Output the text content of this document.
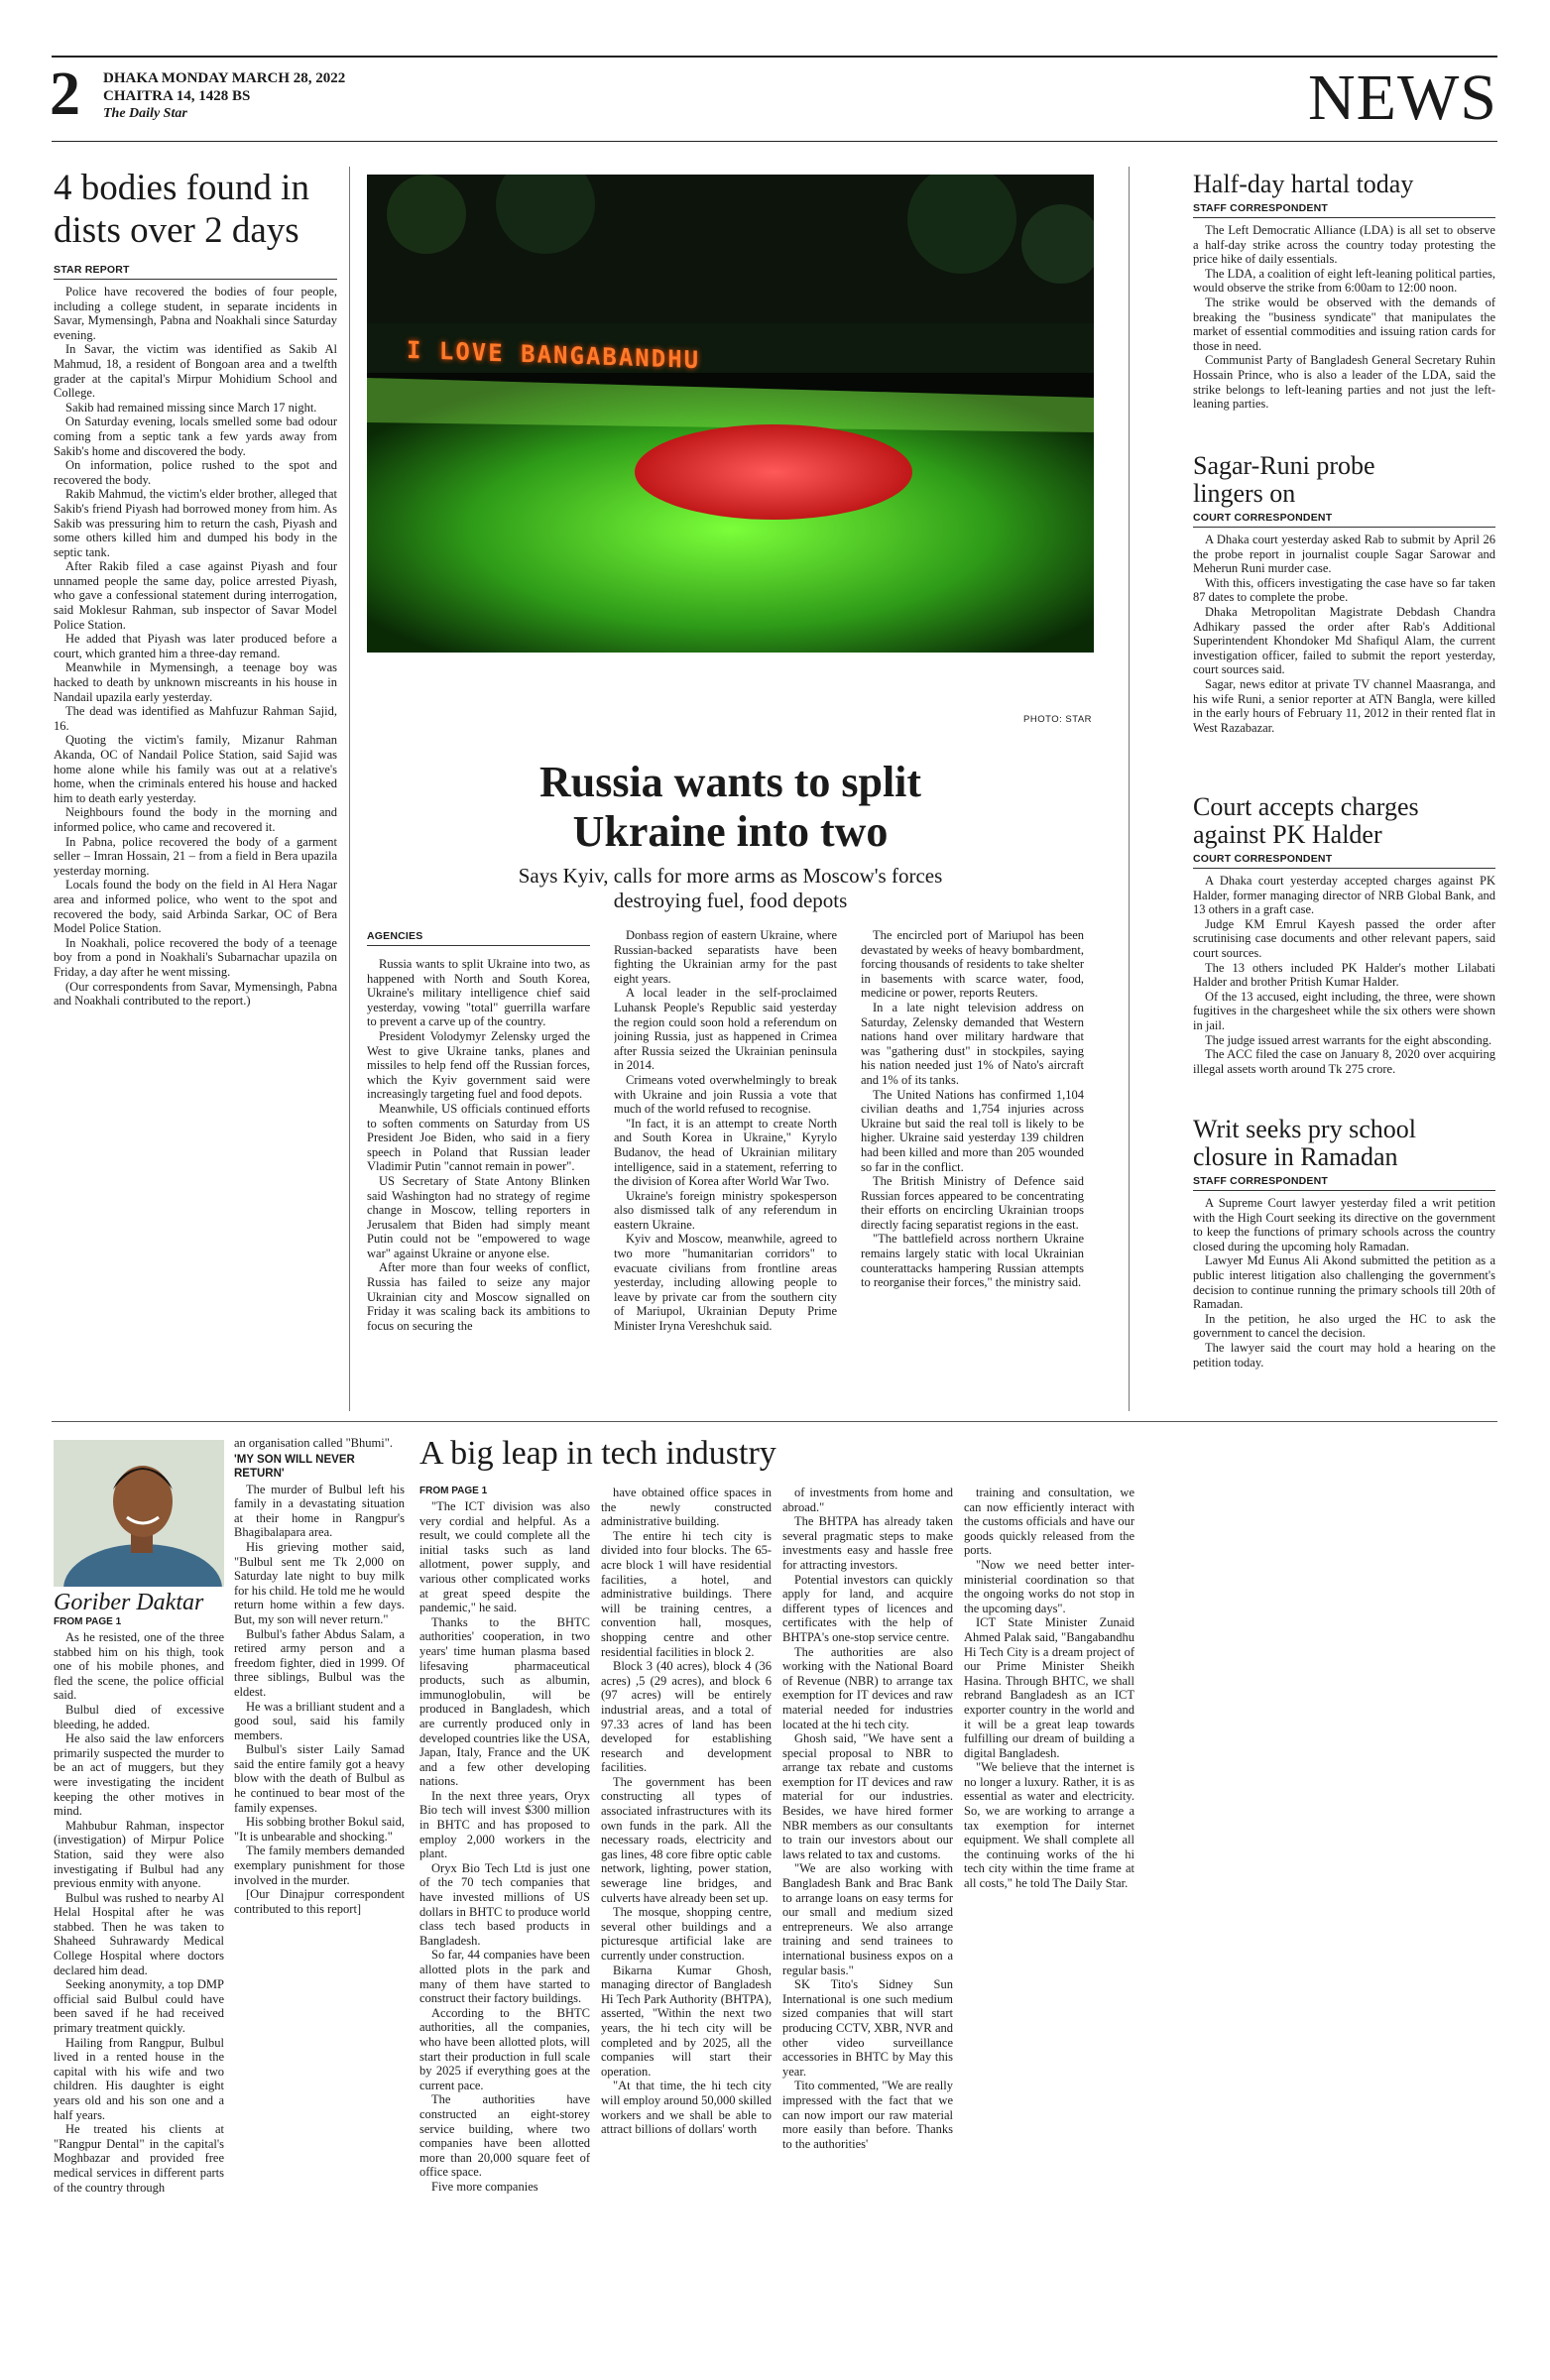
2 DHAKA MONDAY MARCH 28, 2022
CHAITRA 14, 1428 BS
The Daily Star	NEWS
4 bodies found in dists over 2 days
STAR REPORT

Police have recovered the bodies of four people, including a college student, in separate incidents in Savar, Mymensingh, Pabna and Noakhali since Saturday evening.

In Savar, the victim was identified as Sakib Al Mahmud, 18, a resident of Bongoan area and a twelfth grader at the capital's Mirpur Mohidium School and College.

Sakib had remained missing since March 17 night.

On Saturday evening, locals smelled some bad odour coming from a septic tank a few yards away from Sakib's home and discovered the body.

On information, police rushed to the spot and recovered the body.

Rakib Mahmud, the victim's elder brother, alleged that Sakib's friend Piyash had borrowed money from him. As Sakib was pressuring him to return the cash, Piyash and some others killed him and dumped his body in the septic tank.

After Rakib filed a case against Piyash and four unnamed people the same day, police arrested Piyash, who gave a confessional statement during interrogation, said Moklesur Rahman, sub inspector of Savar Model Police Station.

He added that Piyash was later produced before a court, which granted him a three-day remand.

Meanwhile in Mymensingh, a teenage boy was hacked to death by unknown miscreants in his house in Nandail upazila early yesterday.

The dead was identified as Mahfuzur Rahman Sajid, 16.

Quoting the victim's family, Mizanur Rahman Akanda, OC of Nandail Police Station, said Sajid was home alone while his family was out at a relative's home, when the criminals entered his house and hacked him to death early yesterday.

Neighbours found the body in the morning and informed police, who came and recovered it.

In Pabna, police recovered the body of a garment seller – Imran Hossain, 21 – from a field in Bera upazila yesterday morning.

Locals found the body on the field in Al Hera Nagar area and informed police, who went to the spot and recovered the body, said Arbinda Sarkar, OC of Bera Model Police Station.

In Noakhali, police recovered the body of a teenage boy from a pond in Noakhali's Subarnachar upazila on Friday, a day after he went missing.

(Our correspondents from Savar, Mymensingh, Pabna and Noakhali contributed to the report.)

I LOVE BANGABANDHU
PHOTO: STAR
Russia wants to split
Ukraine into two
Says Kyiv, calls for more arms as Moscow's forces
destroying fuel, food depots
AGENCIES

Russia wants to split Ukraine into two, as happened with North and South Korea, Ukraine's military intelligence chief said yesterday, vowing "total" guerrilla warfare to prevent a carve up of the country.

President Volodymyr Zelensky urged the West to give Ukraine tanks, planes and missiles to help fend off the Russian forces, which the Kyiv government said were increasingly targeting fuel and food depots.

Meanwhile, US officials continued efforts to soften comments on Saturday from US President Joe Biden, who said in a fiery speech in Poland that Russian leader Vladimir Putin "cannot remain in power".

US Secretary of State Antony Blinken said Washington had no strategy of regime change in Moscow, telling reporters in Jerusalem that Biden had simply meant Putin could not be "empowered to wage war" against Ukraine or anyone else.

After more than four weeks of conflict, Russia has failed to seize any major Ukrainian city and Moscow signalled on Friday it was scaling back its ambitions to focus on securing the

Donbass region of eastern Ukraine, where Russian-backed separatists have been fighting the Ukrainian army for the past eight years.

A local leader in the self-proclaimed Luhansk People's Republic said yesterday the region could soon hold a referendum on joining Russia, just as happened in Crimea after Russia seized the Ukrainian peninsula in 2014.

Crimeans voted overwhelmingly to break with Ukraine and join Russia a vote that much of the world refused to recognise.

"In fact, it is an attempt to create North and South Korea in Ukraine," Kyrylo Budanov, the head of Ukrainian military intelligence, said in a statement, referring to the division of Korea after World War Two.

Ukraine's foreign ministry spokesperson also dismissed talk of any referendum in eastern Ukraine.

Kyiv and Moscow, meanwhile, agreed to two more "humanitarian corridors" to evacuate civilians from frontline areas yesterday, including allowing people to leave by private car from the southern city of Mariupol, Ukrainian Deputy Prime Minister Iryna Vereshchuk said.

The encircled port of Mariupol has been devastated by weeks of heavy bombardment, forcing thousands of residents to take shelter in basements with scarce water, food, medicine or power, reports Reuters.

In a late night television address on Saturday, Zelensky demanded that Western nations hand over military hardware that was "gathering dust" in stockpiles, saying his nation needed just 1% of Nato's aircraft and 1% of its tanks.

The United Nations has confirmed 1,104 civilian deaths and 1,754 injuries across Ukraine but said the real toll is likely to be higher. Ukraine said yesterday 139 children had been killed and more than 205 wounded so far in the conflict.

The British Ministry of Defence said Russian forces appeared to be concentrating their efforts on encircling Ukrainian troops directly facing separatist regions in the east.

"The battlefield across northern Ukraine remains largely static with local Ukrainian counterattacks hampering Russian attempts to reorganise their forces," the ministry said.

Half-day hartal today
STAFF CORRESPONDENT

The Left Democratic Alliance (LDA) is all set to observe a half-day strike across the country today protesting the price hike of daily essentials.

The LDA, a coalition of eight left-leaning political parties, would observe the strike from 6:00am to 12:00 noon.

The strike would be observed with the demands of breaking the "business syndicate" that manipulates the market of essential commodities and issuing ration cards for those in need.

Communist Party of Bangladesh General Secretary Ruhin Hossain Prince, who is also a leader of the LDA, said the strike belongs to left-leaning parties and not just the left-leaning parties.

Sagar-Runi probe lingers on
COURT CORRESPONDENT

A Dhaka court yesterday asked Rab to submit by April 26 the probe report in journalist couple Sagar Sarowar and Meherun Runi murder case.

With this, officers investigating the case have so far taken 87 dates to complete the probe.

Dhaka Metropolitan Magistrate Debdash Chandra Adhikary passed the order after Rab's Additional Superintendent Khondoker Md Shafiqul Alam, the current investigation officer, failed to submit the report yesterday, court sources said.

Sagar, news editor at private TV channel Maasranga, and his wife Runi, a senior reporter at ATN Bangla, were killed in the early hours of February 11, 2012 in their rented flat in West Razabazar.

Court accepts charges against PK Halder
COURT CORRESPONDENT

A Dhaka court yesterday accepted charges against PK Halder, former managing director of NRB Global Bank, and 13 others in a graft case.

Judge KM Emrul Kayesh passed the order after scrutinising case documents and other relevant papers, said court sources.

The 13 others included PK Halder's mother Lilabati Halder and brother Pritish Kumar Halder.

Of the 13 accused, eight including, the three, were shown fugitives in the chargesheet while the six others were shown in jail.

The judge issued arrest warrants for the eight absconding.

The ACC filed the case on January 8, 2020 over acquiring illegal assets worth around Tk 275 crore.

Writ seeks pry school closure in Ramadan
STAFF CORRESPONDENT

A Supreme Court lawyer yesterday filed a writ petition with the High Court seeking its directive on the government to keep the functions of primary schools across the country closed during the upcoming holy Ramadan.

Lawyer Md Eunus Ali Akond submitted the petition as a public interest litigation also challenging the government's decision to continue running the primary schools till 20th of Ramadan.

In the petition, he also urged the HC to ask the government to cancel the decision.

The lawyer said the court may hold a hearing on the petition today.

Goriber Daktar
FROM PAGE 1

As he resisted, one of the three stabbed him on his thigh, took one of his mobile phones, and fled the scene, the police official said.

Bulbul died of excessive bleeding, he added.

He also said the law enforcers primarily suspected the murder to be an act of muggers, but they were investigating the incident keeping the other motives in mind.

Mahbubur Rahman, inspector (investigation) of Mirpur Police Station, said they were also investigating if Bulbul had any previous enmity with anyone.

Bulbul was rushed to nearby Al Helal Hospital after he was stabbed. Then he was taken to Shaheed Suhrawardy Medical College Hospital where doctors declared him dead.

Seeking anonymity, a top DMP official said Bulbul could have been saved if he had received primary treatment quickly.

Hailing from Rangpur, Bulbul lived in a rented house in the capital with his wife and two children. His daughter is eight years old and his son one and a half years.

He treated his clients at "Rangpur Dental" in the capital's Moghbazar and provided free medical services in different parts of the country through

an organisation called "Bhumi".
'MY SON WILL NEVER RETURN'

The murder of Bulbul left his family in a devastating situation at their home in Rangpur's Bhagibalapara area.

His grieving mother said, "Bulbul sent me Tk 2,000 on Saturday late night to buy milk for his child. He told me he would return home within a few days. But, my son will never return."

Bulbul's father Abdus Salam, a retired army person and a freedom fighter, died in 1999. Of three siblings, Bulbul was the eldest.

He was a brilliant student and a good soul, said his family members.

Bulbul's sister Laily Samad said the entire family got a heavy blow with the death of Bulbul as he continued to bear most of the family expenses.

His sobbing brother Bokul said, "It is unbearable and shocking."

The family members demanded exemplary punishment for those involved in the murder.

[Our Dinajpur correspondent contributed to this report]

A big leap in tech industry
FROM PAGE 1

"The ICT division was also very cordial and helpful. As a result, we could complete all the initial tasks such as land allotment, power supply, and various other complicated works at great speed despite the pandemic," he said.

Thanks to the BHTC authorities' cooperation, in two years' time human plasma based lifesaving pharmaceutical products, such as albumin, immunoglobulin, will be produced in Bangladesh, which are currently produced only in developed countries like the USA, Japan, Italy, France and the UK and a few other developing nations.

In the next three years, Oryx Bio tech will invest $300 million in BHTC and has proposed to employ 2,000 workers in the plant.

Oryx Bio Tech Ltd is just one of the 70 tech companies that have invested millions of US dollars in BHTC to produce world class tech based products in Bangladesh.

So far, 44 companies have been allotted plots in the park and many of them have started to construct their factory buildings.

According to the BHTC authorities, all the companies, who have been allotted plots, will start their production in full scale by 2025 if everything goes at the current pace.

The authorities have constructed an eight-storey service building, where two companies have been allotted more than 20,000 square feet of office space.

Five more companies

have obtained office spaces in the newly constructed administrative building.

The entire hi tech city is divided into four blocks. The 65-acre block 1 will have residential facilities, a hotel, and administrative buildings. There will be training centres, a convention hall, mosques, shopping centre and other residential facilities in block 2.

Block 3 (40 acres), block 4 (36 acres) ,5 (29 acres), and block 6 (97 acres) will be entirely industrial areas, and a total of 97.33 acres of land has been developed for establishing research and development facilities.

The government has been constructing all types of associated infrastructures with its own funds in the park. All the necessary roads, electricity and gas lines, 48 core fibre optic cable network, lighting, power station, sewerage line bridges, and culverts have already been set up.

The mosque, shopping centre, several other buildings and a picturesque artificial lake are currently under construction.

Bikarna Kumar Ghosh, managing director of Bangladesh Hi Tech Park Authority (BHTPA), asserted, "Within the next two years, the hi tech city will be completed and by 2025, all the companies will start their operation.

"At that time, the hi tech city will employ around 50,000 skilled workers and we shall be able to attract billions of dollars' worth

of investments from home and abroad."

The BHTPA has already taken several pragmatic steps to make investments easy and hassle free for attracting investors.

Potential investors can quickly apply for land, and acquire different types of licences and certificates with the help of BHTPA's one-stop service centre.

The authorities are also working with the National Board of Revenue (NBR) to arrange tax exemption for IT devices and raw material needed for industries located at the hi tech city.

Ghosh said, "We have sent a special proposal to NBR to arrange tax rebate and customs exemption for IT devices and raw material for our industries. Besides, we have hired former NBR members as our consultants to train our investors about our laws related to tax and customs.

"We are also working with Bangladesh Bank and Brac Bank to arrange loans on easy terms for our small and medium sized entrepreneurs. We also arrange training and send trainees to international business expos on a regular basis."

SK Tito's Sidney Sun International is one such medium sized companies that will start producing CCTV, XBR, NVR and other video surveillance accessories in BHTC by May this year.

Tito commented, "We are really impressed with the fact that we can now import our raw material more easily than before. Thanks to the authorities'

training and consultation, we can now efficiently interact with the customs officials and have our goods quickly released from the ports.

"Now we need better inter-ministerial coordination so that the ongoing works do not stop in the upcoming days".

ICT State Minister Zunaid Ahmed Palak said, "Bangabandhu Hi Tech City is a dream project of our Prime Minister Sheikh Hasina. Through BHTC, we shall rebrand Bangladesh as an ICT exporter country in the world and it will be a great leap towards fulfilling our dream of building a digital Bangladesh.

"We believe that the internet is no longer a luxury. Rather, it is as essential as water and electricity. So, we are working to arrange a tax exemption for internet equipment. We shall complete all the continuing works of the hi tech city within the time frame at all costs," he told The Daily Star.
